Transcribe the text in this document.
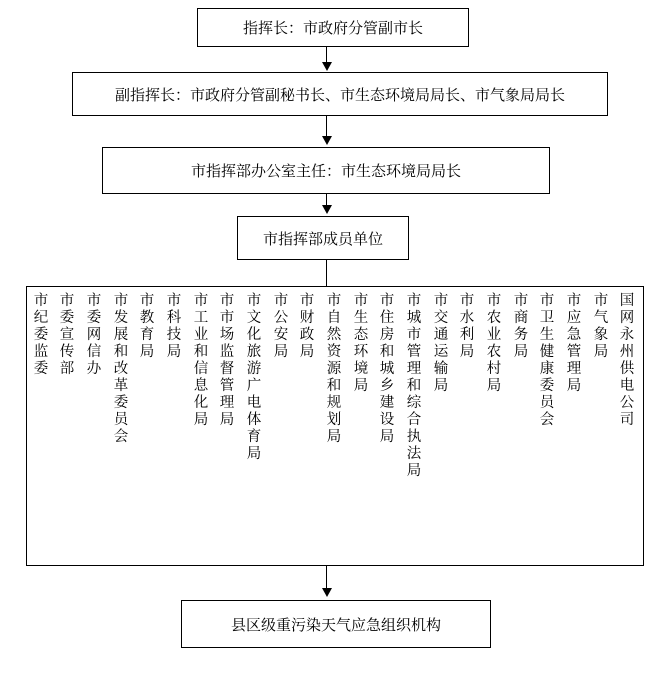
指挥长：市政府分管副市长
副指挥长：市政府分管副秘书长、市生态环境局局长、市气象局局长
市指挥部办公室主任：市生态环境局局长
市指挥部成员单位
市纪委监委
市委宣传部
市委网信办
市发展和改革委员会
市教育局
市科技局
市工业和信息化局
市市场监督管理局
市文化旅游广电体育局
市公安局
市财政局
市自然资源和规划局
市生态环境局
市住房和城乡建设局
市城市管理和综合执法局
市交通运输局
市水利局
市农业农村局
市商务局
市卫生健康委员会
市应急管理局
市气象局
国网永州供电公司
县区级重污染天气应急组织机构
